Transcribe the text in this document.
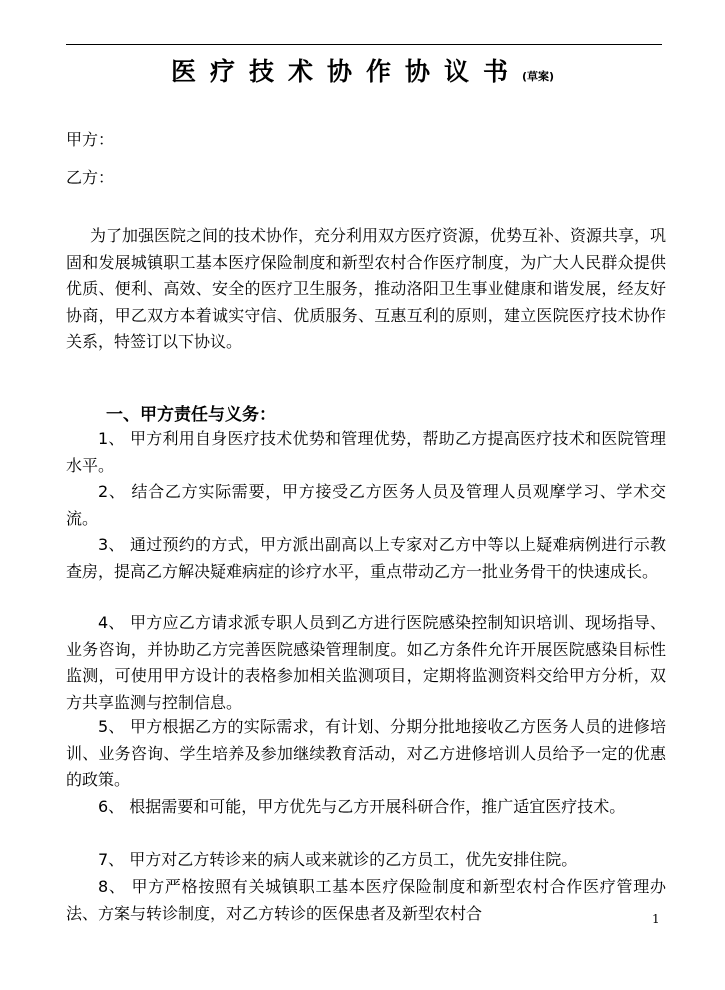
医疗技术协作协议书(草案)
甲方：
乙方：
为了加强医院之间的技术协作，充分利用双方医疗资源，优势互补、资源共享，巩固和发展城镇职工基本医疗保险制度和新型农村合作医疗制度，为广大人民群众提供优质、便利、高效、安全的医疗卫生服务，推动洛阳卫生事业健康和谐发展，经友好协商，甲乙双方本着诚实守信、优质服务、互惠互利的原则，建立医院医疗技术协作关系，特签订以下协议。
一、甲方责任与义务：
1、 甲方利用自身医疗技术优势和管理优势，帮助乙方提高医疗技术和医院管理水平。
2、 结合乙方实际需要，甲方接受乙方医务人员及管理人员观摩学习、学术交流。
3、 通过预约的方式，甲方派出副高以上专家对乙方中等以上疑难病例进行示教查房，提高乙方解决疑难病症的诊疗水平，重点带动乙方一批业务骨干的快速成长。
4、 甲方应乙方请求派专职人员到乙方进行医院感染控制知识培训、现场指导、业务咨询，并协助乙方完善医院感染管理制度。如乙方条件允许开展医院感染目标性监测，可使用甲方设计的表格参加相关监测项目，定期将监测资料交给甲方分析，双方共享监测与控制信息。
5、 甲方根据乙方的实际需求，有计划、分期分批地接收乙方医务人员的进修培训、业务咨询、学生培养及参加继续教育活动，对乙方进修培训人员给予一定的优惠的政策。
6、 根据需要和可能，甲方优先与乙方开展科研合作，推广适宜医疗技术。
7、 甲方对乙方转诊来的病人或来就诊的乙方员工，优先安排住院。
8、 甲方严格按照有关城镇职工基本医疗保险制度和新型农村合作医疗管理办法、方案与转诊制度，对乙方转诊的医保患者及新型农村合	1
